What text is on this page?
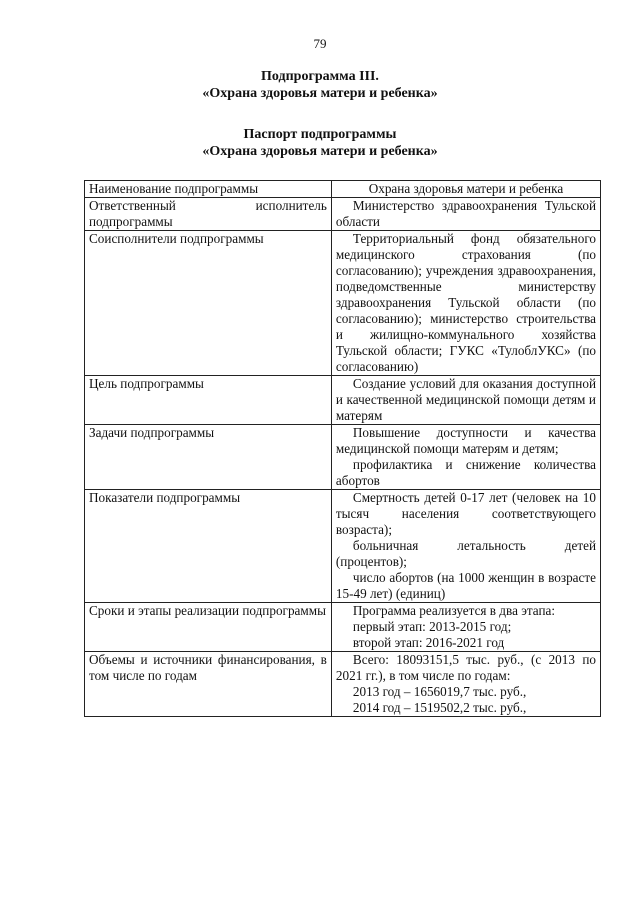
79
Подпрограмма III.
«Охрана здоровья матери и ребенка»
Паспорт подпрограммы
«Охрана здоровья матери и ребенка»
Наименование подпрограммы	Охрана здоровья матери и ребенка
Ответственный исполнитель подпрограммы	Министерство здравоохранения Тульской области
Соисполнители подпрограммы	Территориальный фонд обязательного медицинского страхования (по согласованию); учреждения здравоохранения, подведомственные министерству здравоохранения Тульской области (по согласованию); министерство строительства и жилищно-коммунального хозяйства Тульской области; ГУКС «ТулоблУКС» (по согласованию)
Цель подпрограммы	Создание условий для оказания доступной и качественной медицинской помощи детям и матерям
Задачи подпрограммы	Повышение доступности и качества медицинской помощи матерям и детям;
профилактика и снижение количества абортов

Показатели подпрограммы	Смертность детей 0-17 лет (человек на 10 тысяч населения соответствующего возраста);
больничная летальность детей (процентов);
число абортов (на 1000 женщин в возрасте 15-49 лет) (единиц)

Сроки и этапы реализации подпрограммы	Программа реализуется в два этапа:
первый этап: 2013-2015 год;
второй этап: 2016-2021 год

Объемы и источники финансирования, в том числе по годам	Всего: 18093151,5 тыс. руб., (с 2013 по 2021 гг.), в том числе по годам:
2013 год – 1656019,7 тыс. руб.,
2014 год – 1519502,2 тыс. руб.,
